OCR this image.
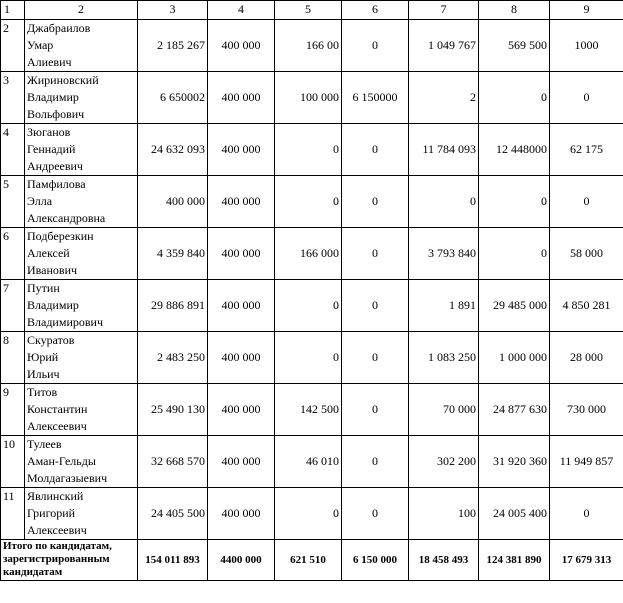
1	2	3	4	5	6	7	8	9
2	Джабраилов
Умар
Алиевич	2 185 267	400 000	166 00	0	1 049 767	569 500	1000
3	Жириновский
Владимир
Вольфович	6 650002	400 000	100 000	6 150000	2	0	0
4	Зюганов
Геннадий
Андреевич	24 632 093	400 000	0	0	11 784 093	12 448000	62 175
5	Памфилова
Элла
Александровна	400 000	400 000	0	0	0	0	0
6	Подберезкин
Алексей
Иванович	4 359 840	400 000	166 000	0	3 793 840	0	58 000
7	Путин
Владимир
Владимирович	29 886 891	400 000	0	0	1 891	29 485 000	4 850 281
8	Скуратов
Юрий
Ильич	2 483 250	400 000	0	0	1 083 250	1 000 000	28 000
9	Титов
Константин
Алексеевич	25 490 130	400 000	142 500	0	70 000	24 877 630	730 000
10	Тулеев
Аман-Гельды
Молдагазыевич	32 668 570	400 000	46 010	0	302 200	31 920 360	11 949 857
11	Явлинский
Григорий
Алексеевич	24 405 500	400 000	0	0	100	24 005 400	0
Итого по кандидатам, зарегистрированным кандидатам		154 011 893	4400 000	621 510	6 150 000	18 458 493	124 381 890	17 679 313
